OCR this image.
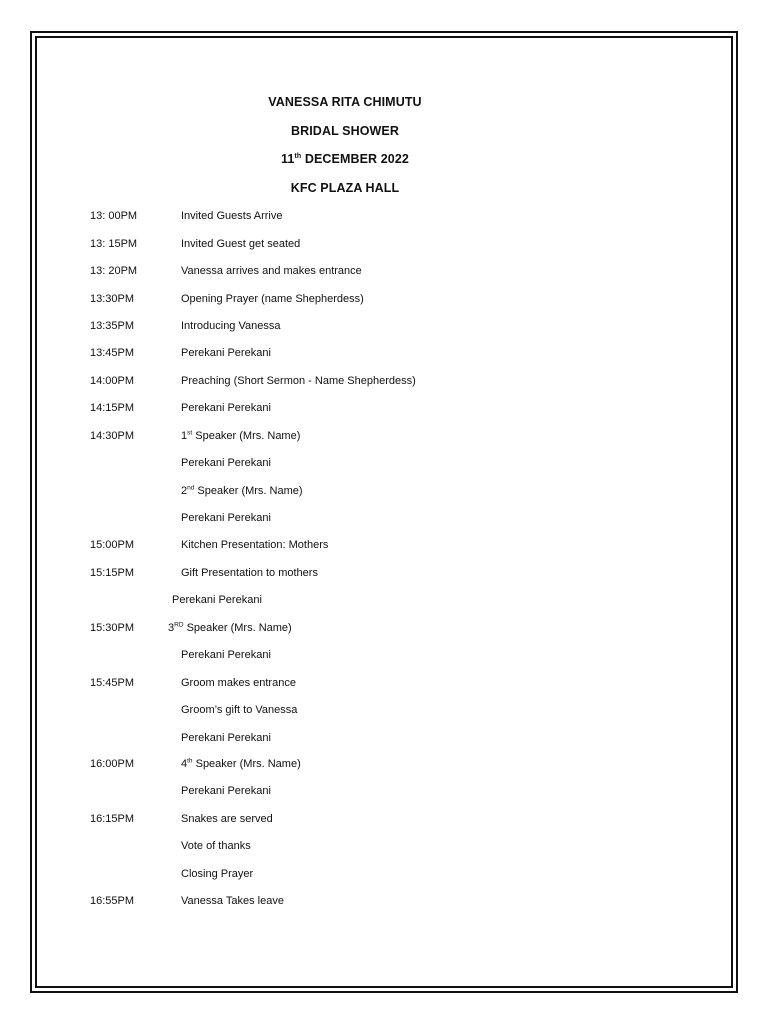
VANESSA RITA CHIMUTU
BRIDAL SHOWER
11th DECEMBER 2022
KFC PLAZA HALL
13: 00PM	Invited Guests Arrive
13: 15PM	Invited Guest get seated
13: 20PM	Vanessa arrives and makes entrance
13:30PM	Opening Prayer (name Shepherdess)
13:35PM	Introducing Vanessa
13:45PM	Perekani Perekani
14:00PM	Preaching (Short Sermon - Name Shepherdess)
14:15PM	Perekani Perekani
14:30PM	1st Speaker (Mrs. Name)
Perekani Perekani
2nd Speaker (Mrs. Name)
Perekani Perekani
15:00PM	Kitchen Presentation: Mothers
15:15PM	Gift Presentation to mothers
Perekani Perekani
15:30PM	3RD Speaker (Mrs. Name)
Perekani Perekani
15:45PM	Groom makes entrance
Groom’s gift to Vanessa
Perekani Perekani
16:00PM	4th Speaker (Mrs. Name)
Perekani Perekani
16:15PM	Snakes are served
Vote of thanks
Closing Prayer
16:55PM	Vanessa Takes leave
